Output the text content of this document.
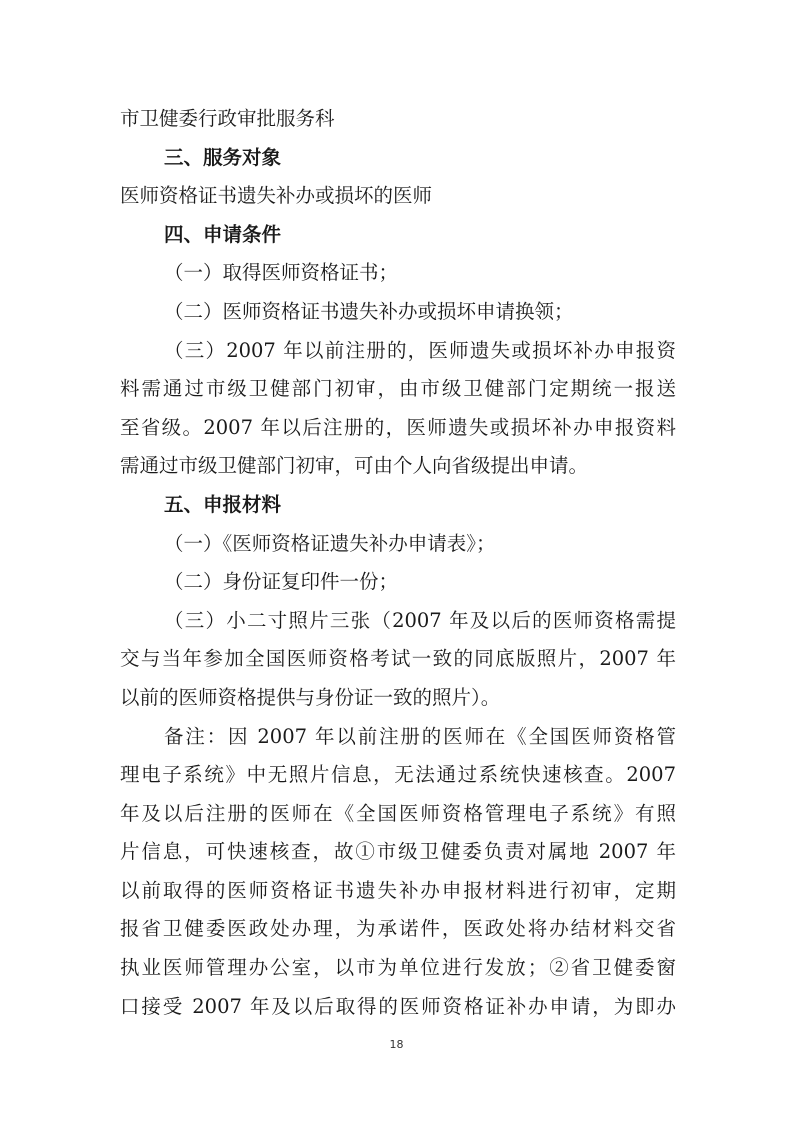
市卫健委行政审批服务科
三、服务对象
医师资格证书遗失补办或损坏的医师
四、申请条件
（一）取得医师资格证书；
（二）医师资格证书遗失补办或损坏申请换领；
（三）2007 年以前注册的，医师遗失或损坏补办申报资
料需通过市级卫健部门初审，由市级卫健部门定期统一报送
至省级。2007 年以后注册的，医师遗失或损坏补办申报资料
需通过市级卫健部门初审，可由个人向省级提出申请。
五、申报材料
（一）《医师资格证遗失补办申请表》；
（二）身份证复印件一份；
（三）小二寸照片三张（2007 年及以后的医师资格需提
交与当年参加全国医师资格考试一致的同底版照片，2007 年
以前的医师资格提供与身份证一致的照片）。
备注：因 2007 年以前注册的医师在《全国医师资格管
理电子系统》中无照片信息，无法通过系统快速核查。2007
年及以后注册的医师在《全国医师资格管理电子系统》有照
片信息，可快速核查，故①市级卫健委负责对属地 2007 年
以前取得的医师资格证书遗失补办申报材料进行初审，定期
报省卫健委医政处办理，为承诺件，医政处将办结材料交省
执业医师管理办公室，以市为单位进行发放；②省卫健委窗
口接受 2007 年及以后取得的医师资格证补办申请，为即办
18
